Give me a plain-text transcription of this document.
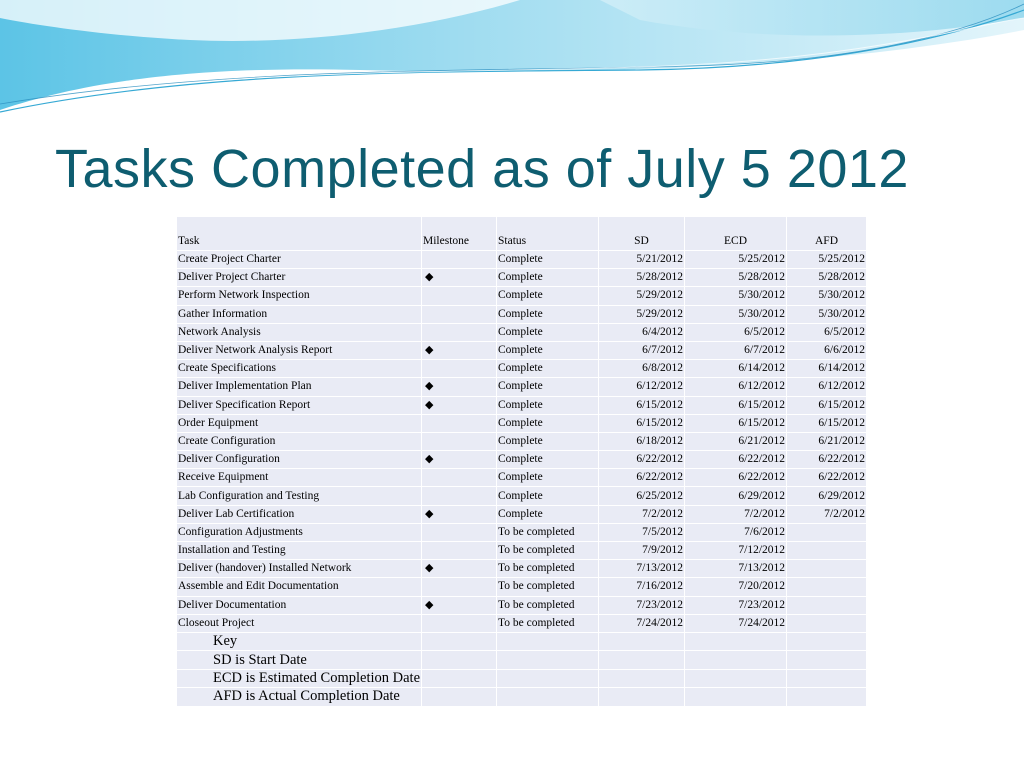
Tasks Completed as of July 5 2012
Task	Milestone	Status	SD	ECD	AFD
Create Project Charter		Complete	5/21/2012	5/25/2012	5/25/2012
Deliver Project Charter	◆	Complete	5/28/2012	5/28/2012	5/28/2012
Perform Network Inspection		Complete	5/29/2012	5/30/2012	5/30/2012
Gather Information		Complete	5/29/2012	5/30/2012	5/30/2012
Network Analysis		Complete	6/4/2012	6/5/2012	6/5/2012
Deliver Network Analysis Report	◆	Complete	6/7/2012	6/7/2012	6/6/2012
Create Specifications		Complete	6/8/2012	6/14/2012	6/14/2012
Deliver Implementation Plan	◆	Complete	6/12/2012	6/12/2012	6/12/2012
Deliver Specification Report	◆	Complete	6/15/2012	6/15/2012	6/15/2012
Order Equipment		Complete	6/15/2012	6/15/2012	6/15/2012
Create Configuration		Complete	6/18/2012	6/21/2012	6/21/2012
Deliver Configuration	◆	Complete	6/22/2012	6/22/2012	6/22/2012
Receive Equipment		Complete	6/22/2012	6/22/2012	6/22/2012
Lab Configuration and Testing		Complete	6/25/2012	6/29/2012	6/29/2012
Deliver Lab Certification	◆	Complete	7/2/2012	7/2/2012	7/2/2012
Configuration Adjustments		To be completed	7/5/2012	7/6/2012	
Installation and Testing		To be completed	7/9/2012	7/12/2012	
Deliver (handover) Installed Network	◆	To be completed	7/13/2012	7/13/2012	
Assemble and Edit Documentation		To be completed	7/16/2012	7/20/2012	
Deliver Documentation	◆	To be completed	7/23/2012	7/23/2012	
Closeout Project		To be completed	7/24/2012	7/24/2012	
Key					
SD is Start Date					
ECD is Estimated Completion Date					
AFD is Actual Completion Date					
